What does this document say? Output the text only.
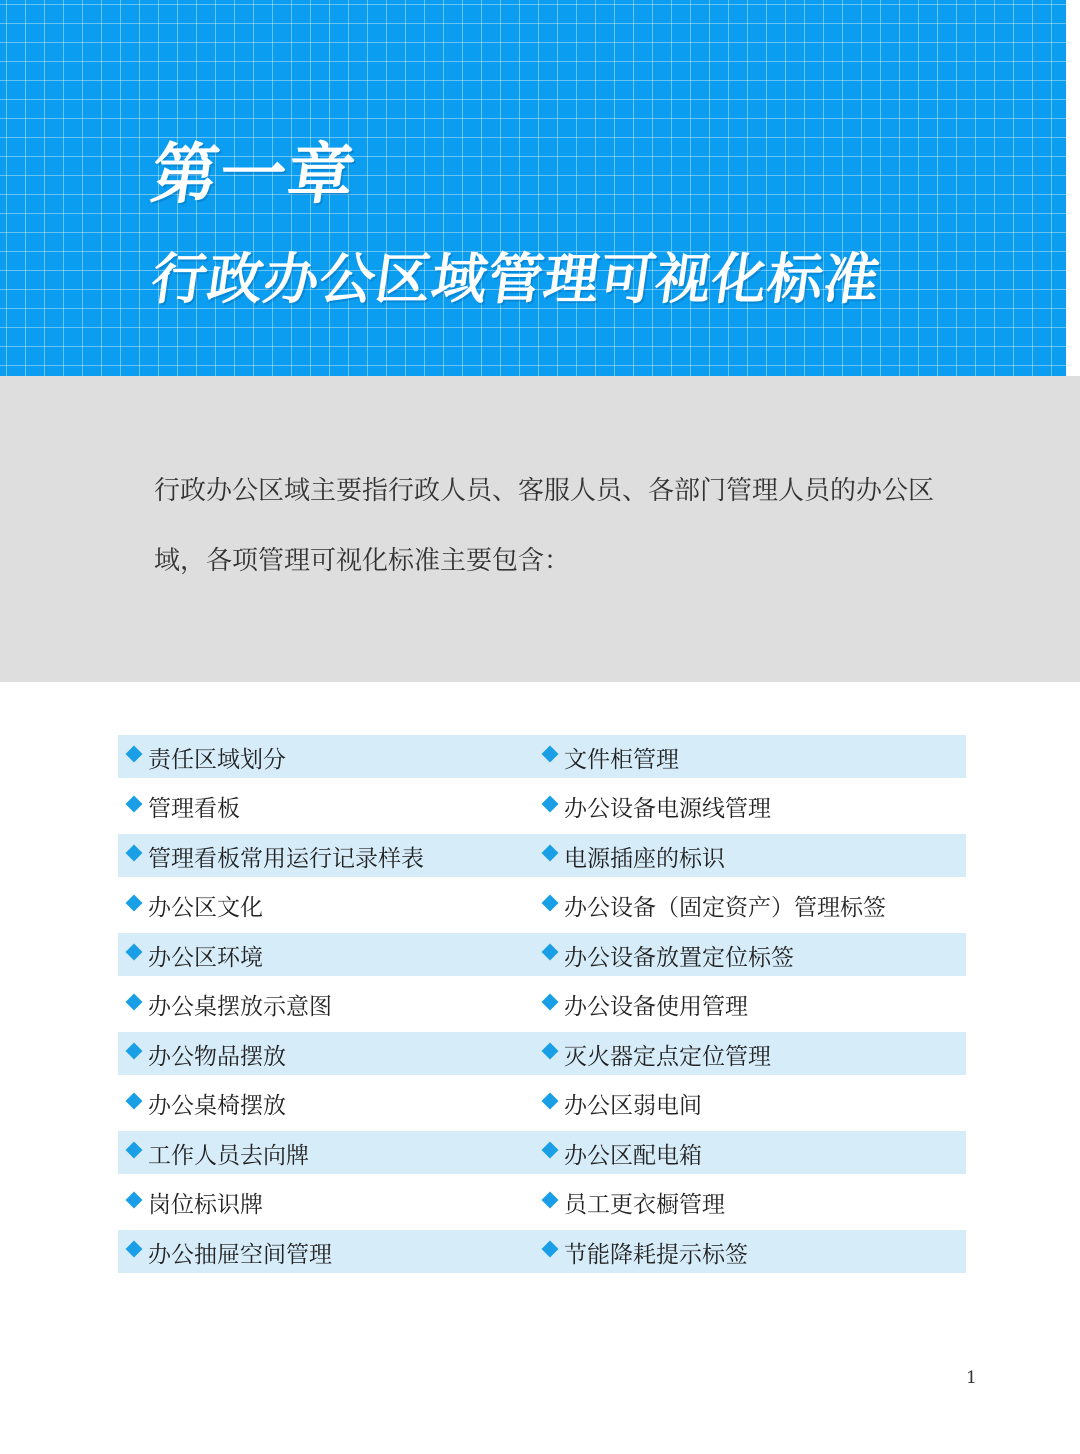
第一章
行政办公区域管理可视化标准

行政办公区域主要指行政人员、客服人员、各部门管理人员的办公区域，各项管理可视化标准主要包含：

责任区域划分	文件柜管理
管理看板	办公设备电源线管理
管理看板常用运行记录样表	电源插座的标识
办公区文化	办公设备（固定资产）管理标签
办公区环境	办公设备放置定位标签
办公桌摆放示意图	办公设备使用管理
办公物品摆放	灭火器定点定位管理
办公桌椅摆放	办公区弱电间
工作人员去向牌	办公区配电箱
岗位标识牌	员工更衣橱管理
办公抽屉空间管理	节能降耗提示标签
1
